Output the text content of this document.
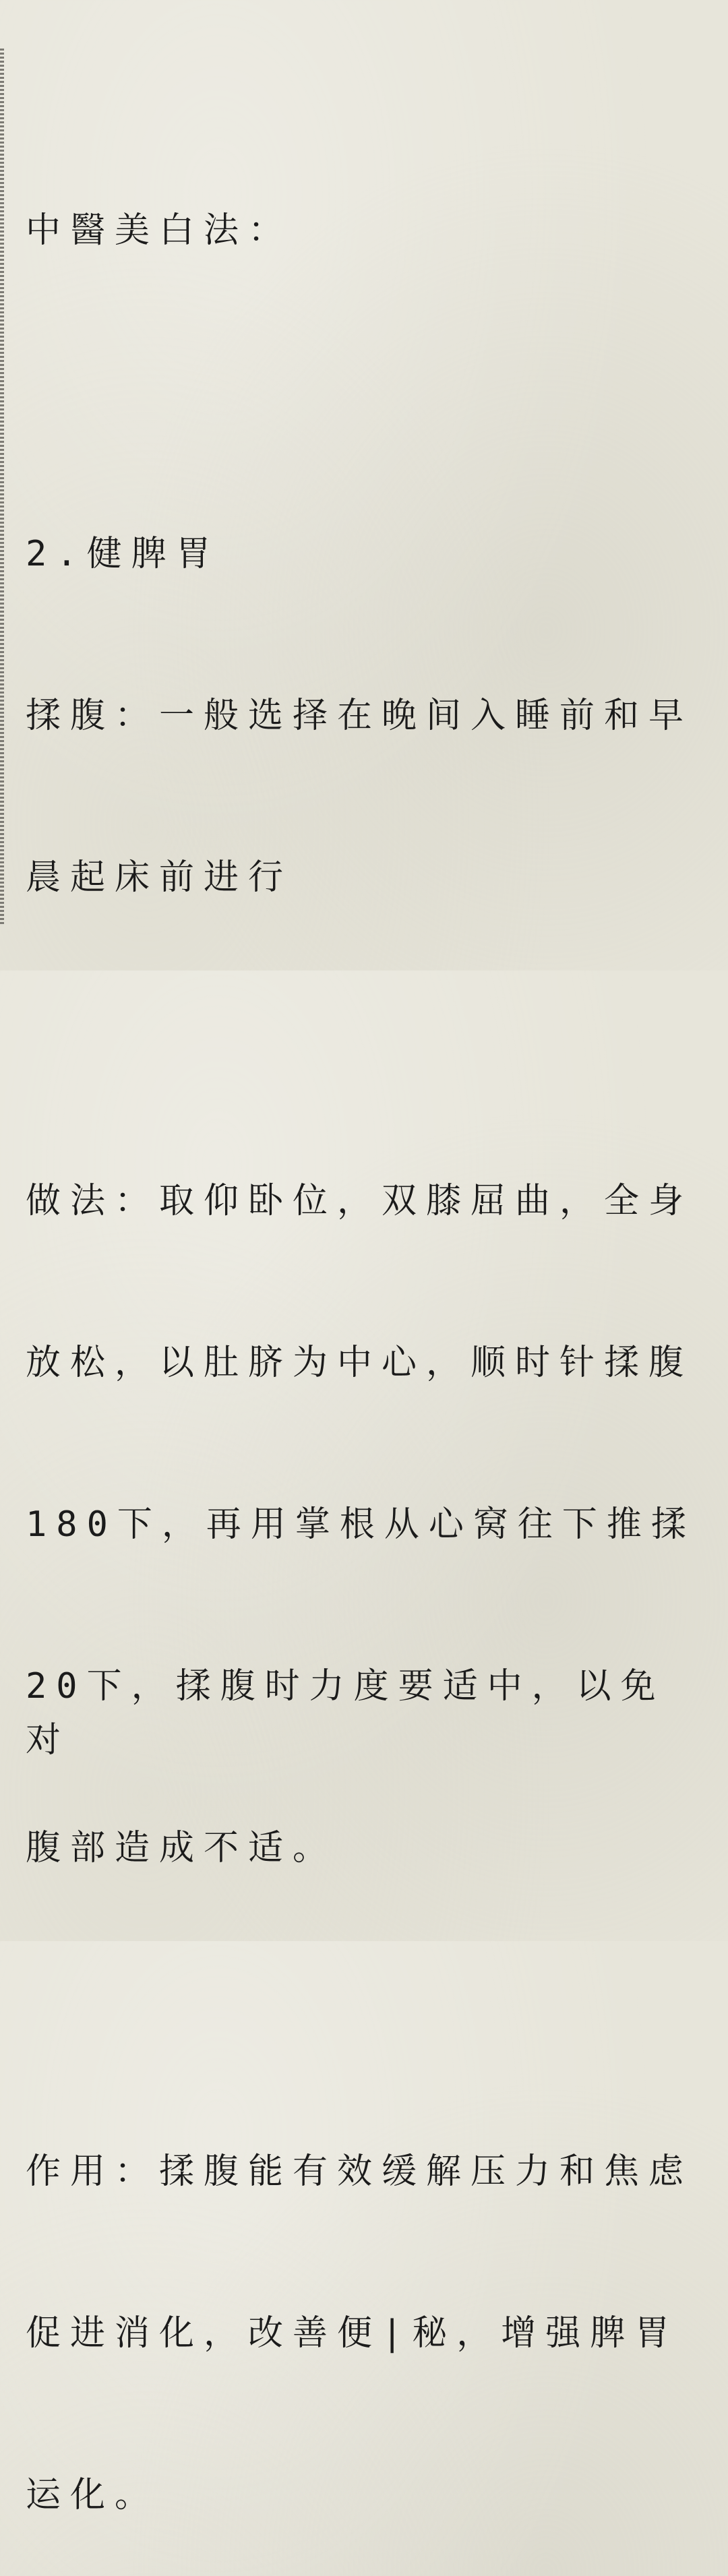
中醫美白法：

2.健脾胃

揉腹：一般选择在晚间入睡前和早

晨起床前进行

做法：取仰卧位，双膝屈曲，全身

放松，以肚脐为中心，顺时针揉腹

180下，再用掌根从心窝往下推揉

20下，揉腹时力度要适中，以免对

腹部造成不适。

作用：揉腹能有效缓解压力和焦虑

促进消化，改善便|秘，增强脾胃

运化。
